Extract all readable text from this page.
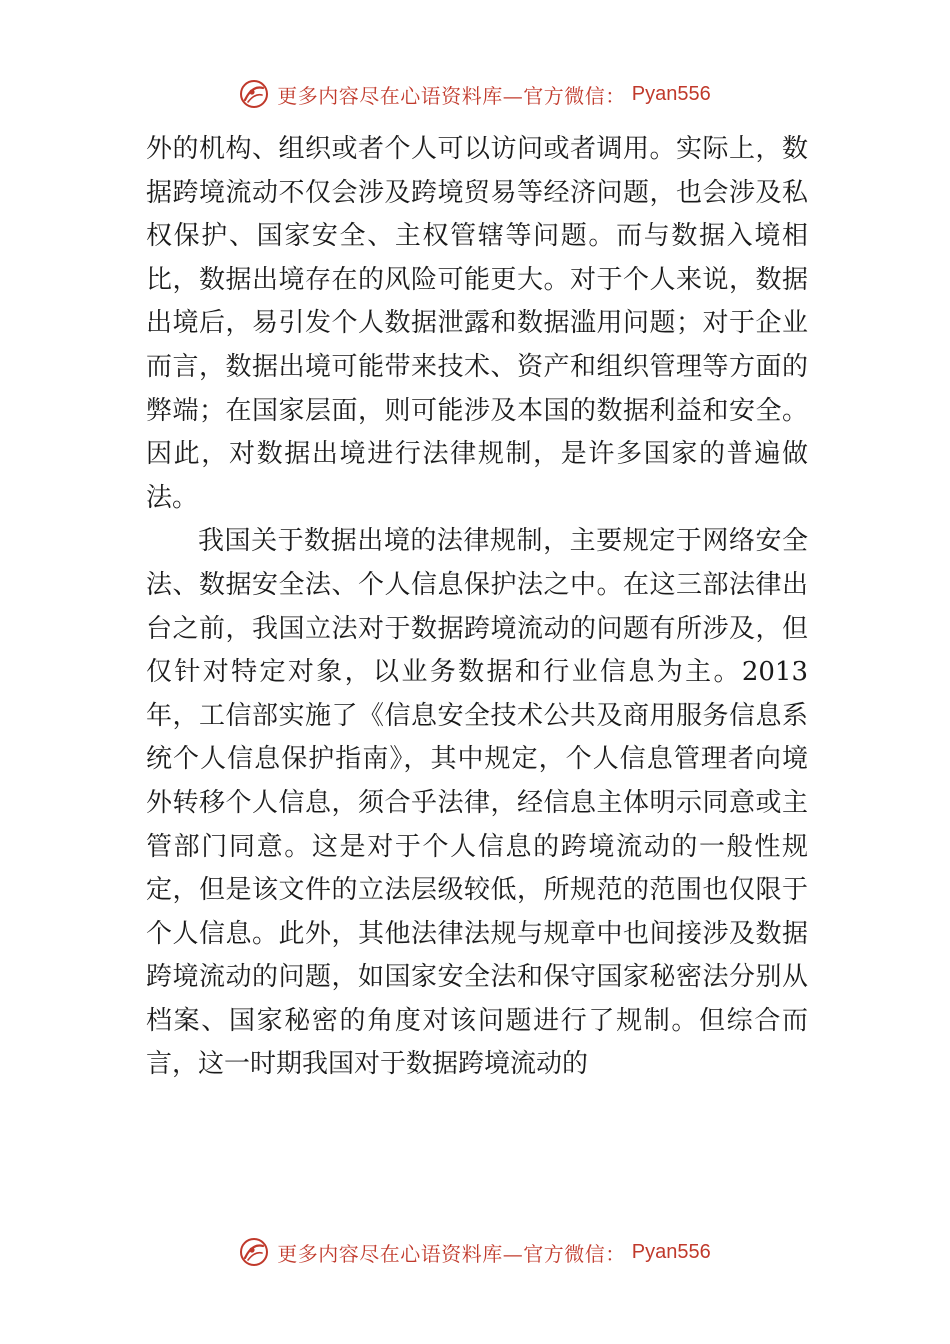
更多内容尽在心语资料库—官方微信： Pyan556

外的机构、组织或者个人可以访问或者调用。实际上，数据跨境流动不仅会涉及跨境贸易等经济问题，也会涉及私权保护、国家安全、主权管辖等问题。而与数据入境相比，数据出境存在的风险可能更大。对于个人来说，数据出境后，易引发个人数据泄露和数据滥用问题；对于企业而言，数据出境可能带来技术、资产和组织管理等方面的弊端；在国家层面，则可能涉及本国的数据利益和安全。因此，对数据出境进行法律规制，是许多国家的普遍做法。

我国关于数据出境的法律规制，主要规定于网络安全法、数据安全法、个人信息保护法之中。在这三部法律出台之前，我国立法对于数据跨境流动的问题有所涉及，但仅针对特定对象，以业务数据和行业信息为主。2013 年，工信部实施了《信息安全技术公共及商用服务信息系统个人信息保护指南》，其中规定，个人信息管理者向境外转移个人信息，须合乎法律，经信息主体明示同意或主管部门同意。这是对于个人信息的跨境流动的一般性规定，但是该文件的立法层级较低，所规范的范围也仅限于个人信息。此外，其他法律法规与规章中也间接涉及数据跨境流动的问题，如国家安全法和保守国家秘密法分别从档案、国家秘密的角度对该问题进行了规制。但综合而言，这一时期我国对于数据跨境流动的

更多内容尽在心语资料库—官方微信： Pyan556
